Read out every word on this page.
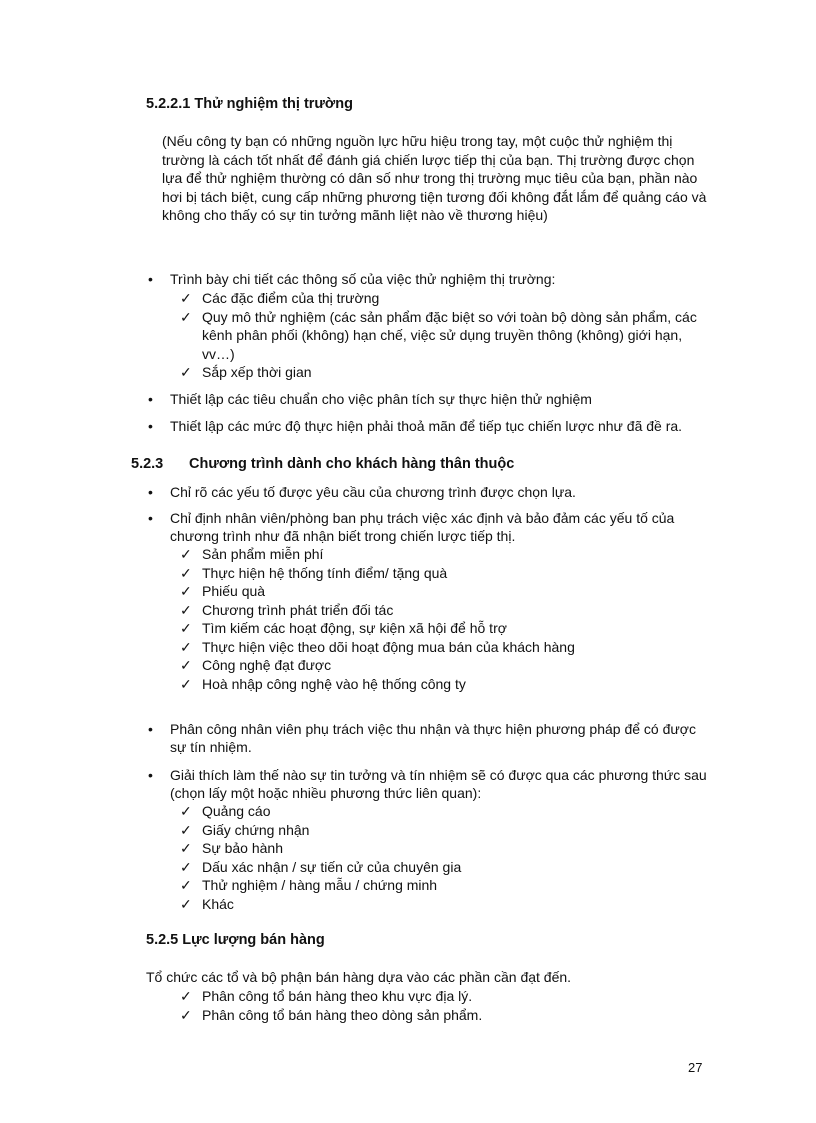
5.2.2.1 Thử nghiệm thị trường
(Nếu công ty bạn có những nguồn lực hữu hiệu trong tay, một cuộc thử nghiệm thị trường là cách tốt nhất để đánh giá chiến lược tiếp thị của bạn. Thị trường được chọn lựa để thử nghiệm thường có dân số như trong thị trường mục tiêu của bạn, phần nào hơi bị tách biệt, cung cấp những phương tiện tương đối không đắt lắm để quảng cáo và không cho thấy có sự tin tưởng mãnh liệt nào về thương hiệu)
• Trình bày chi tiết các thông số của việc thử nghiệm thị trường:
✓ Các đặc điểm của thị trường
✓ Quy mô thử nghiệm (các sản phẩm đặc biệt so với toàn bộ dòng sản phẩm, các kênh phân phối (không) hạn chế, việc sử dụng truyền thông (không) giới hạn, vv…)
✓ Sắp xếp thời gian
• Thiết lập các tiêu chuẩn cho việc phân tích sự thực hiện thử nghiệm
• Thiết lập các mức độ thực hiện phải thoả mãn để tiếp tục chiến lược như đã đề ra.
5.2.3 Chương trình dành cho khách hàng thân thuộc
• Chỉ rõ các yếu tố được yêu cầu của chương trình được chọn lựa.
• Chỉ định nhân viên/phòng ban phụ trách việc xác định và bảo đảm các yếu tố của chương trình như đã nhận biết trong chiến lược tiếp thị.
✓ Sản phẩm miễn phí
✓ Thực hiện hệ thống tính điểm/ tặng quà
✓ Phiếu quà
✓ Chương trình phát triển đối tác
✓ Tìm kiếm các hoạt động, sự kiện xã hội để hỗ trợ
✓ Thực hiện việc theo dõi hoạt động mua bán của khách hàng
✓ Công nghệ đạt được
✓ Hoà nhập công nghệ vào hệ thống công ty
• Phân công nhân viên phụ trách việc thu nhận và thực hiện phương pháp để có được sự tín nhiệm.
• Giải thích làm thế nào sự tin tưởng và tín nhiệm sẽ có được qua các phương thức sau (chọn lấy một hoặc nhiều phương thức liên quan):
✓ Quảng cáo
✓ Giấy chứng nhận
✓ Sự bảo hành
✓ Dấu xác nhận / sự tiến cử của chuyên gia
✓ Thử nghiệm / hàng mẫu / chứng minh
✓ Khác
5.2.5 Lực lượng bán hàng
Tổ chức các tổ và bộ phận bán hàng dựa vào các phần cần đạt đến.
✓ Phân công tổ bán hàng theo khu vực địa lý.
✓ Phân công tổ bán hàng theo dòng sản phẩm.
27
